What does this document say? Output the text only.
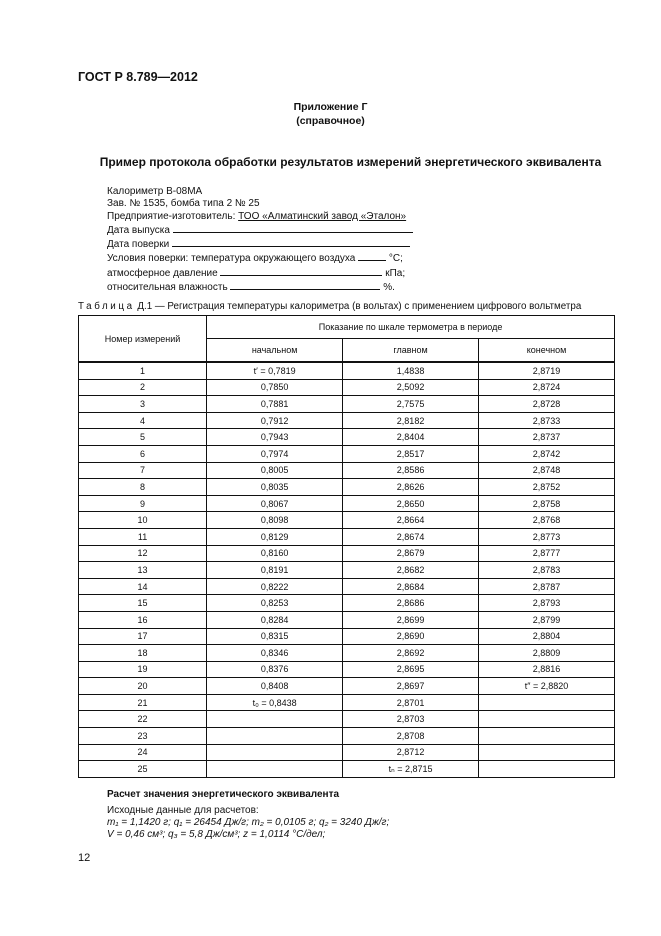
ГОСТ Р 8.789—2012
Приложение Г
(справочное)
Пример протокола обработки результатов измерений энергетического эквивалента
Калориметр В-08МА
Зав. № 1535, бомба типа 2 № 25
Предприятие-изготовитель: ТОО «Алматинский завод «Эталон»
Дата выпуска
Дата поверки
Условия поверки: температура окружающего воздуха	°С;
атмосферное давление	кПа;
относительная влажность	%.
Таблица Д.1 — Регистрация температуры калориметра (в вольтах) с применением цифрового вольтметра
Номер измерений	Показание по шкале термометра в периоде		
	начальном	главном	конечном
1	t′ = 0,7819	1,4838	2,8719
2	0,7850	2,5092	2,8724
3	0,7881	2,7575	2,8728
4	0,7912	2,8182	2,8733
5	0,7943	2,8404	2,8737
6	0,7974	2,8517	2,8742
7	0,8005	2,8586	2,8748
8	0,8035	2,8626	2,8752
9	0,8067	2,8650	2,8758
10	0,8098	2,8664	2,8768
11	0,8129	2,8674	2,8773
12	0,8160	2,8679	2,8777
13	0,8191	2,8682	2,8783
14	0,8222	2,8684	2,8787
15	0,8253	2,8686	2,8793
16	0,8284	2,8699	2,8799
17	0,8315	2,8690	2,8804
18	0,8346	2,8692	2,8809
19	0,8376	2,8695	2,8816
20	0,8408	2,8697	t″ = 2,8820
21	t₀ = 0,8438	2,8701	
22		2,8703	
23		2,8708	
24		2,8712	
25		tₙ = 2,8715	
Расчет значения энергетического эквивалента
Исходные данные для расчетов:
m₁ = 1,1420 г; q₁ = 26454 Дж/г; m₂ = 0,0105 г; q₂ = 3240 Дж/г;
V = 0,46 см³; q₃ = 5,8 Дж/см³; z = 1,0114 °С/дел;
12
